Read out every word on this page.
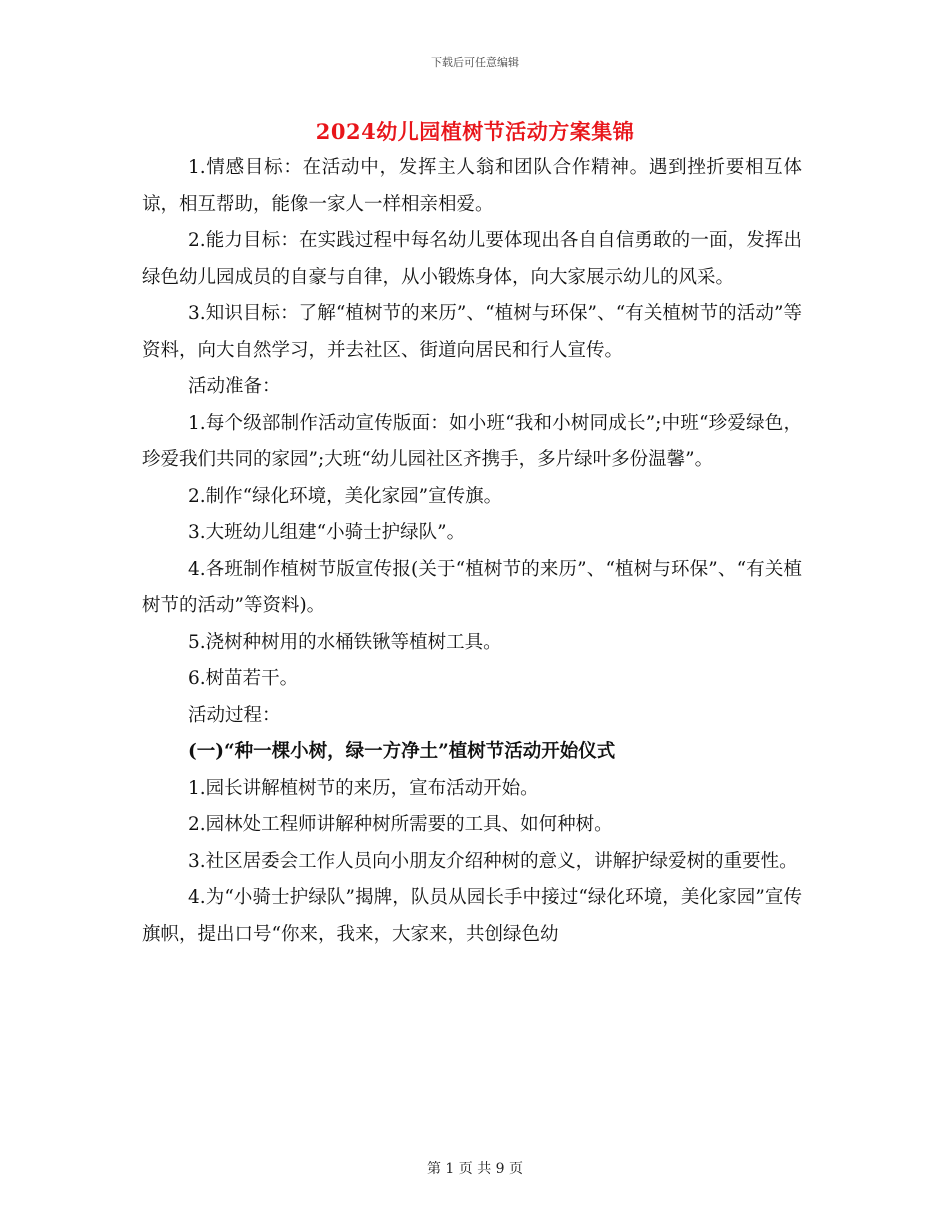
下载后可任意编辑
2024幼儿园植树节活动方案集锦

1.情感目标：在活动中，发挥主人翁和团队合作精神。遇到挫折要相互体谅，相互帮助，能像一家人一样相亲相爱。

2.能力目标：在实践过程中每名幼儿要体现出各自自信勇敢的一面，发挥出绿色幼儿园成员的自豪与自律，从小锻炼身体，向大家展示幼儿的风采。

3.知识目标：了解“植树节的来历”、“植树与环保”、“有关植树节的活动”等资料，向大自然学习，并去社区、街道向居民和行人宣传。

活动准备：

1.每个级部制作活动宣传版面：如小班“我和小树同成长”;中班“珍爱绿色，珍爱我们共同的家园”;大班“幼儿园社区齐携手，多片绿叶多份温馨”。

2.制作“绿化环境，美化家园”宣传旗。

3.大班幼儿组建“小骑士护绿队”。

4.各班制作植树节版宣传报(关于“植树节的来历”、“植树与环保”、“有关植树节的活动”等资料)。

5.浇树种树用的水桶铁锹等植树工具。

6.树苗若干。

活动过程：

(一)“种一棵小树，绿一方净土”植树节活动开始仪式

1.园长讲解植树节的来历，宣布活动开始。

2.园林处工程师讲解种树所需要的工具、如何种树。

3.社区居委会工作人员向小朋友介绍种树的意义，讲解护绿爱树的重要性。

4.为“小骑士护绿队”揭牌，队员从园长手中接过“绿化环境，美化家园”宣传旗帜，提出口号“你来，我来，大家来，共创绿色幼

第 1 页 共 9 页
